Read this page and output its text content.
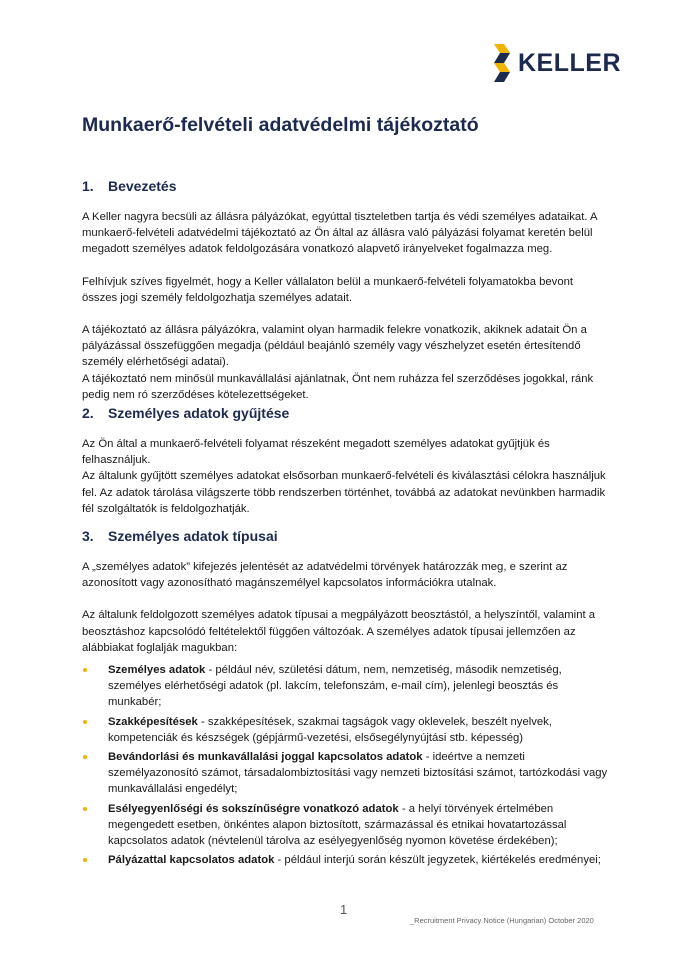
KELLER
Munkaerő-felvételi adatvédelmi tájékoztató
1.	Bevezetés

A Keller nagyra becsüli az állásra pályázókat, egyúttal tiszteletben tartja és védi személyes adataikat. A munkaerő-felvételi adatvédelmi tájékoztató az Ön által az állásra való pályázási folyamat keretén belül megadott személyes adatok feldolgozására vonatkozó alapvető irányelveket fogalmazza meg.

Felhívjuk szíves figyelmét, hogy a Keller vállalaton belül a munkaerő-felvételi folyamatokba bevont összes jogi személy feldolgozhatja személyes adatait.

A tájékoztató az állásra pályázókra, valamint olyan harmadik felekre vonatkozik, akiknek adatait Ön a pályázással összefüggően megadja (például beajánló személy vagy vészhelyzet esetén értesítendő személy elérhetőségi adatai).

A tájékoztató nem minősül munkavállalási ajánlatnak, Önt nem ruházza fel szerződéses jogokkal, ránk pedig nem ró szerződéses kötelezettségeket.

2.	Személyes adatok gyűjtése

Az Ön által a munkaerő-felvételi folyamat részeként megadott személyes adatokat gyűjtjük és felhasználjuk.

Az általunk gyűjtött személyes adatokat elsősorban munkaerő-felvételi és kiválasztási célokra használjuk fel. Az adatok tárolása világszerte több rendszerben történhet, továbbá az adatokat nevünkben harmadik fél szolgáltatók is feldolgozhatják.

3.	Személyes adatok típusai

A „személyes adatok” kifejezés jelentését az adatvédelmi törvények határozzák meg, e szerint az azonosított vagy azonosítható magánszemélyel kapcsolatos információkra utalnak.

Az általunk feldolgozott személyes adatok típusai a megpályázott beosztástól, a helyszíntől, valamint a beosztáshoz kapcsolódó feltételektől függően változóak. A személyes adatok típusai jellemzően az alábbiakat foglalják magukban:

Személyes adatok - például név, születési dátum, nem, nemzetiség, második nemzetiség, személyes elérhetőségi adatok (pl. lakcím, telefonszám, e-mail cím), jelenlegi beosztás és munkabér;
Szakképesítések - szakképesítések, szakmai tagságok vagy oklevelek, beszélt nyelvek, kompetenciák és készségek (gépjármű-vezetési, elsősegélynyújtási stb. képesség)
Bevándorlási és munkavállalási joggal kapcsolatos adatok - ideértve a nemzeti személyazonosító számot, társadalombiztosítási vagy nemzeti biztosítási számot, tartózkodási vagy munkavállalási engedélyt;
Esélyegyenlőségi és sokszínűségre vonatkozó adatok - a helyi törvények értelmében megengedett esetben, önkéntes alapon biztosított, származással és etnikai hovatartozással kapcsolatos adatok (névtelenül tárolva az esélyegyenlőség nyomon követése érdekében);
Pályázattal kapcsolatos adatok - például interjú során készült jegyzetek, kiértékelés eredményei;
1
_Recruitment Privacy Notice (Hungarian) October 2020
